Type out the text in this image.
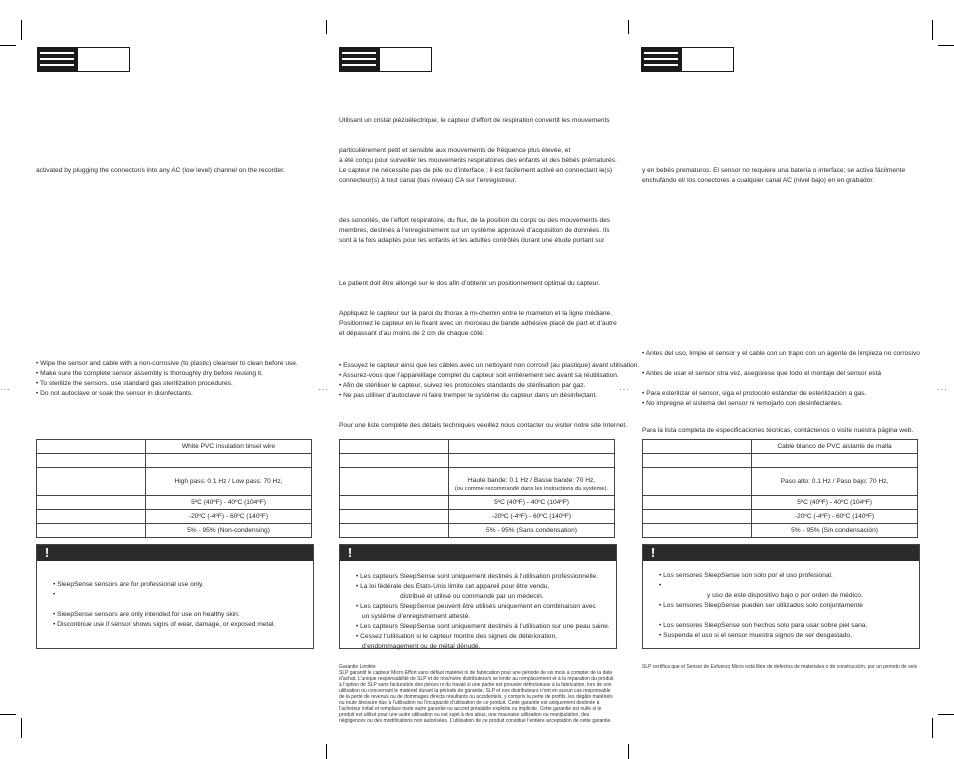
···	···	···	···
activated by plugging the connector/s into any AC (low level) channel on the recorder.
• Wipe the sensor and cable with a non-corrosive (to plastic) cleanser to clean before use.
• Make sure the complete sensor assembly is thoroughly dry before reusing it.
• To sterilize the sensors, use standard gas sterilization procedures.
• Do not autoclave or soak the sensor in disinfectants.
	White PVC insulation tinsel wire

	High pass: 0.1 Hz / Low pass: 70 Hz,
	5ºC (40ºF) - 40ºC (104ºF)
	-20ºC (-4ºF) - 60ºC (140ºF)
	5% - 95% (Non-condensing)
!
• SleepSense sensors are for professional use only.
•
• SleepSense sensors are only intended for use on healthy skin.
• Discontinue use if sensor shows signs of wear, damage, or exposed metal.
Utilisant un cristal piézoélectrique, le capteur d’effort de respiration convertit les mouvements
particulièrement petit et sensible aux mouvements de fréquence plus élevée, et
a été conçu pour surveiller les mouvements respiratoires des enfants et des bébés prématurés.
Le capteur ne nécessite pas de pile ou d’interface ; il est facilement activé en connectant le(s)
connecteur(s) à tout canal (bas niveau) CA sur l’enregistreur.
des sonorités, de l’effort respiratoire, du flux, de la position du corps ou des mouvements des
membres, destinés à l’enregistrement sur un système approuvé d’acquisition de données. Ils
sont à la fois adaptés pour les enfants et les adultes contrôlés durant une étude portant sur
Le patient doit être allongé sur le dos afin d’obtenir un positionnement optimal du capteur.
Appliquez le capteur sur la paroi du thorax à mi-chemin entre le mamelon et la ligne médiane.
Positionnez le capteur en le fixant avec un morceau de bande adhésive placé de part et d’autre
et dépassant d’au moins de 2 cm de chaque côté.
• Essuyez le capteur ainsi que les câbles avec un nettoyant non corrosif (au plastique) avant utilisation.
• Assurez-vous que l’appareillage complet du capteur soit entièrement sec avant sa réutilisation.
• Afin de stériliser le capteur, suivez les protocoles standards de stérilisation par gaz.
• Ne pas utiliser d’autoclave ni faire tremper le système du capteur dans un désinfectant.
Pour une liste complète des détails techniques veuillez nous contacter ou visiter notre site Internet.

	Haute bande: 0.1 Hz / Basse bande: 70 Hz,
(ou comme recommandé dans les instructions du système).

	5ºC (40ºF) - 40ºC (104ºF)
	-20ºC (-4ºF) - 60ºC (140ºF)
	5% - 95% (Sans condensation)
!
• Les capteurs SleepSense sont uniquement destinés à l’utilisation professionnelle.
• La loi fédérale des Etats-Unis limite cet appareil pour être vendu,
distribué et utilisé ou commandé par un médecin.
• Les capteurs SleepSense peuvent être utilisés uniquement en combinaison avec
un système d’enregistrement attesté.
• Les capteurs SleepSense sont uniquement destinés à l’utilisation sur une peau saine.
• Cessez l’utilisation si le capteur montre des signes de détérioration,
d’endommagement ou de métal dénudé.
Garantie Limitée
SLP garantit le capteur Micro Effort sans défaut matériel ni de fabrication pour une période de six mois à compter de la date d’achat. L’unique responsabilité de SLP et de nos/notre distributeur/s se limite au remplacement et à la réparation du produit à l’option de SLP sans facturation des pièces ni du travail si une partie est prouvée défectueuse à la fabrication, lors de son utilisation ou concernant le matériel durant la période de garantie. SLP et nos distributeurs n’ont en aucun cas responsable de la perte de revenus ou de dommages directs résultants ou accidentels, y compris la perte de profits, les dégâts matériels ou toute blessure due à l’utilisation ou l’incapacité d’utilisation de ce produit. Cette garantie est uniquement destinée à l’acheteur initial et remplace toute autre garantie ou accord préalable explicite ou implicite. Cette garantie est nulle si le produit est utilisé pour une autre utilisation ou est sujet à des abus, une mauvaise utilisation ou manipulation, des négligences ou des modifications non autorisées. L’utilisation de ce produit constitue l’entière acceptation de cette garantie.
y en bebés prematuros. El sensor no requiere una batería o interface; se activa fácilmente
enchufándo el/ los conectores a cualquier canal AC (nivel bajo) en en grabador.
• Antes del uso, limpie el sensor y el cable con un trapo con un agente de limpieza no corrosivo
• Antes de usar el sensor otra vez, asegúrese que todo el montaje del sensor está
• Para esterilizar el sensor, siga el protocolo estándar de esterilización a gas.
• No impregne el sistema del sensor ni remojarlo con desinfectantes.
Para la lista completa de especificaciones técnicas, contáctenos o visite nuestra página web.
	Cable blanco de PVC aislante de malla

	Paso alto: 0.1 Hz / Paso bajo: 70 Hz,
	5ºC (40ºF) - 40ºC (104ºF)
	-20ºC (-4ºF) - 60ºC (140ºF)
	5% - 95% (Sin condensación)
!
• Los sensores SleepSense son solo por el uso profesional.
•
y uso de este dispositivo bajo o por orden de médico.
• Los sensores SleepSense pueden ser utilizados solo conjuntamente
• Los sensores SleepSense son hechos solo para usar sobre piel sana.
• Suspenda el uso si el sensor muestra signos de ser desgastado,
SLP certifica que el Sensor de Esfuerzo Micro está libre de defectos de materiales o de construcción, por un periodo de seis
